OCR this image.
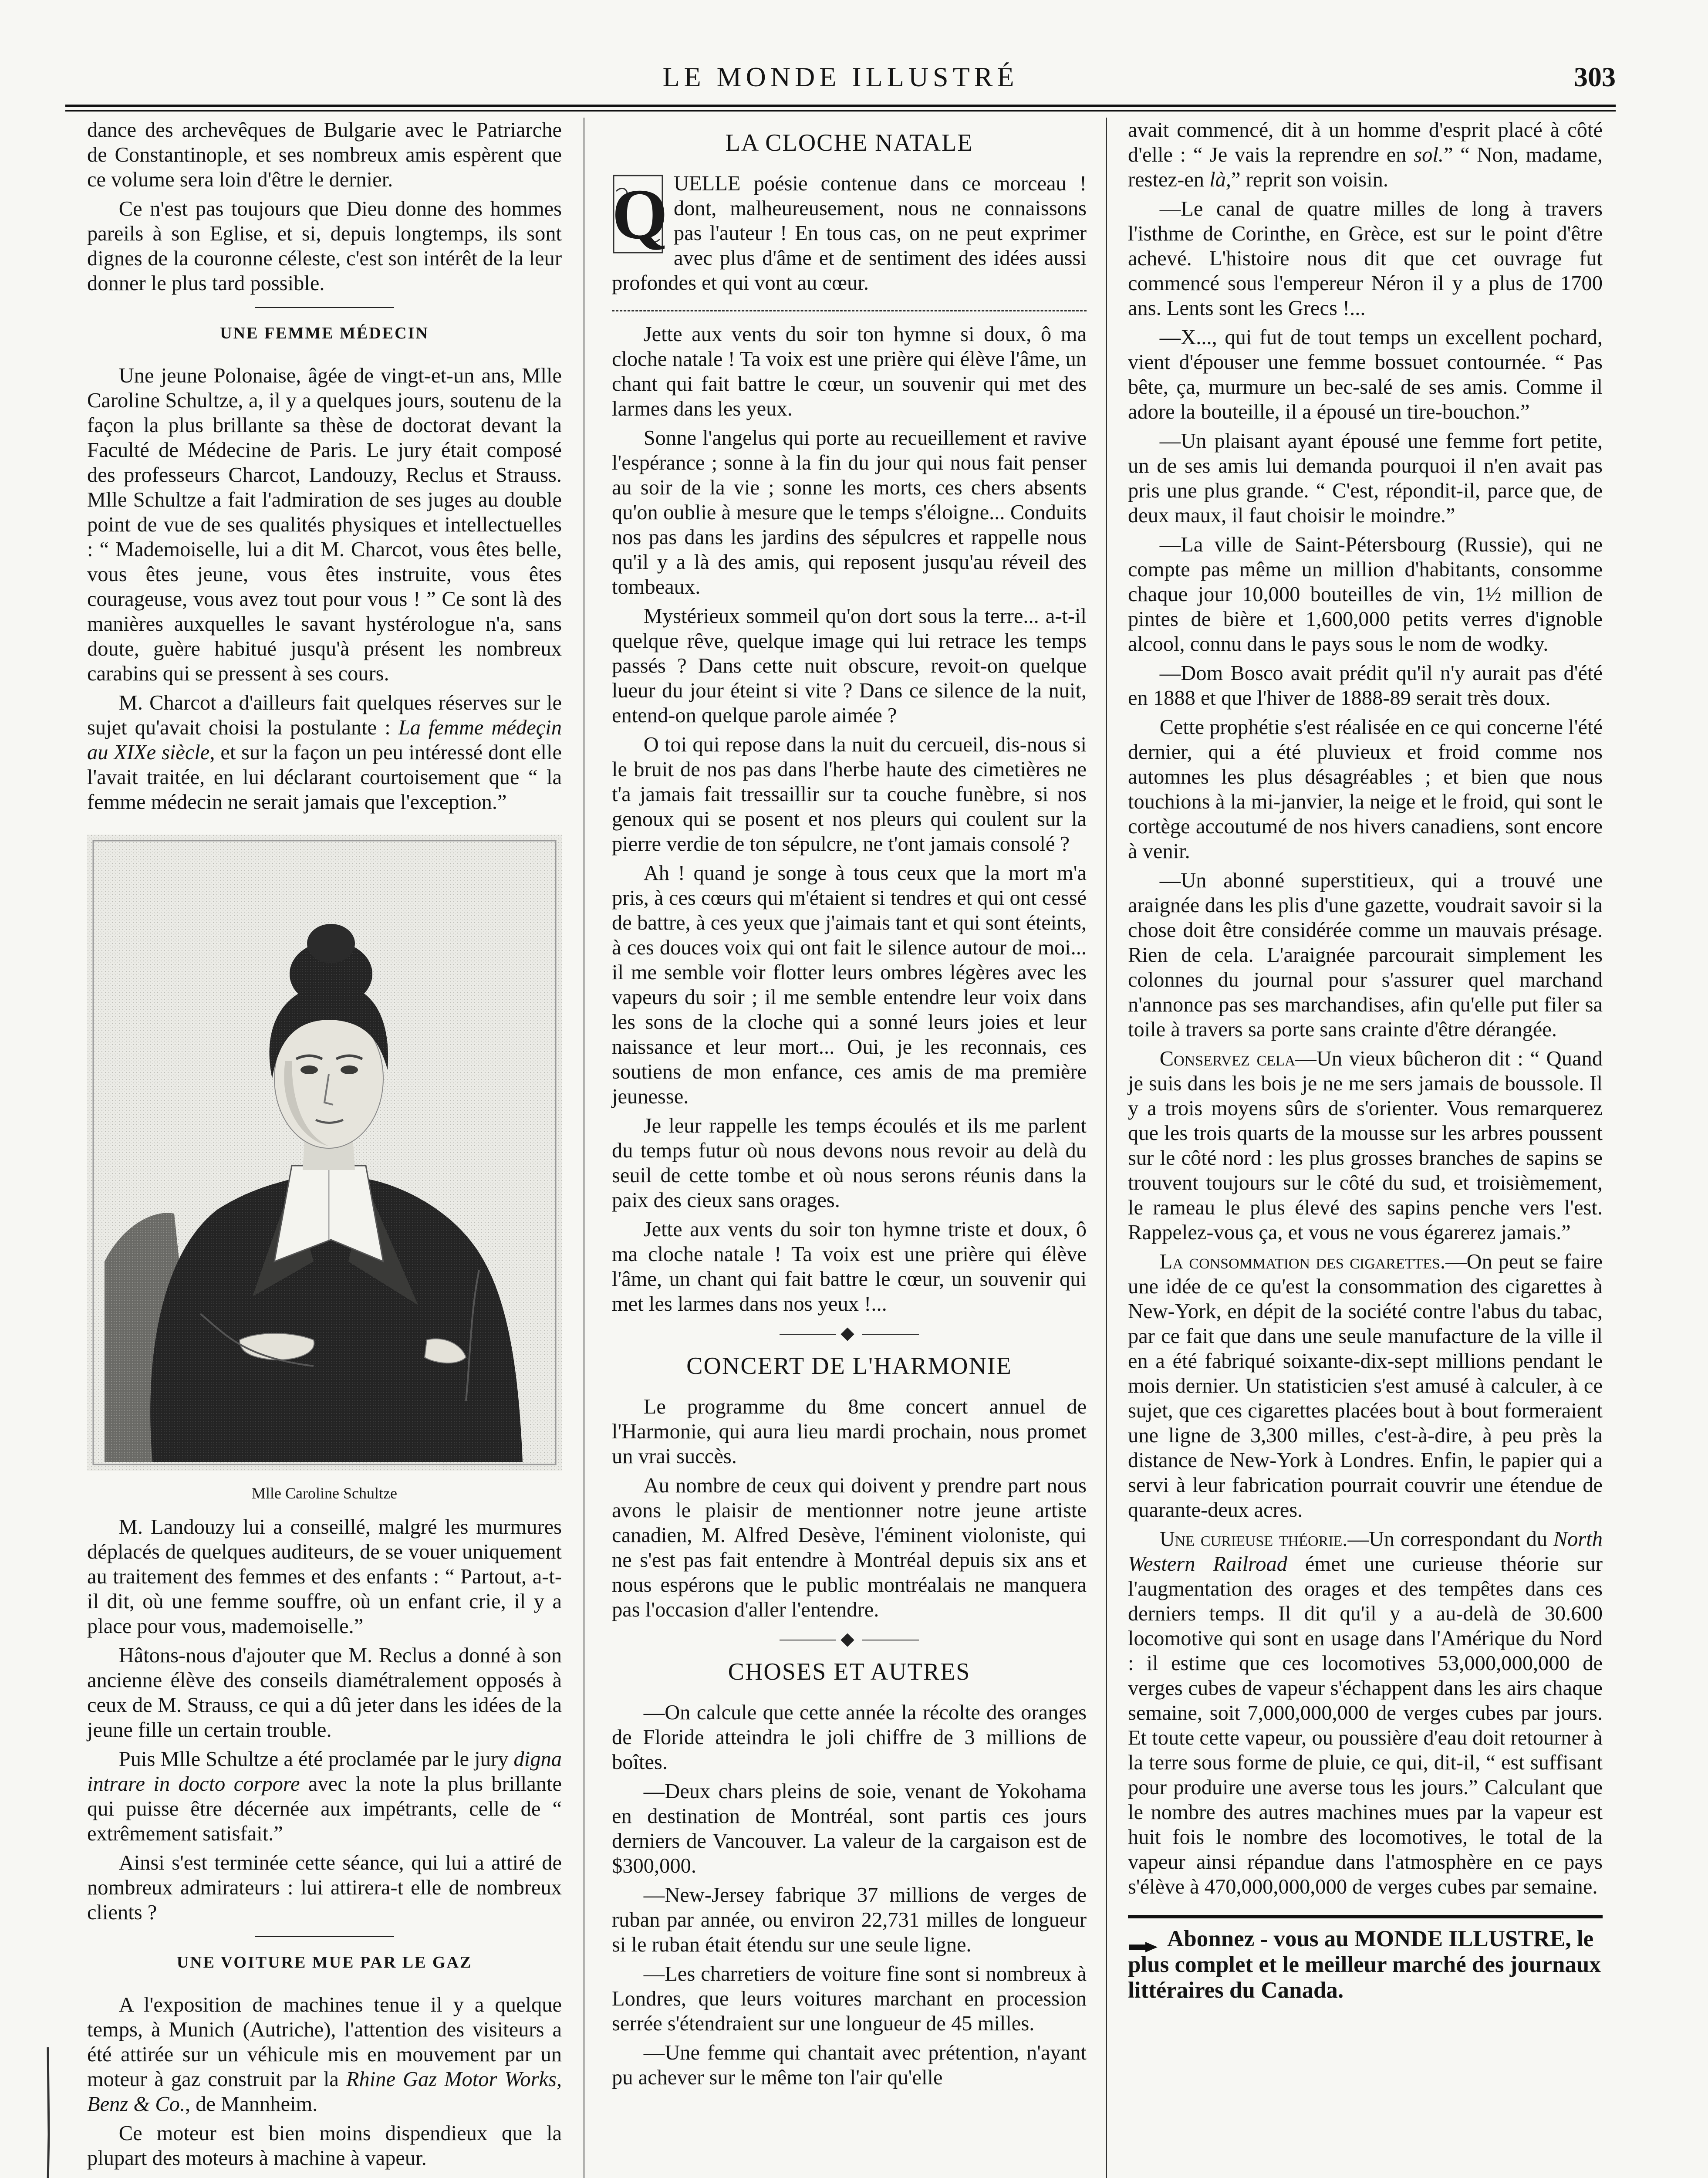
LE MONDE ILLUSTRÉ	303

dance des archevêques de Bulgarie avec le Patriarche de Constantinople, et ses nombreux amis espèrent que ce volume sera loin d'être le dernier.

Ce n'est pas toujours que Dieu donne des hommes pareils à son Eglise, et si, depuis longtemps, ils sont dignes de la couronne céleste, c'est son intérêt de la leur donner le plus tard possible.

UNE FEMME MÉDECIN

Une jeune Polonaise, âgée de vingt-et-un ans, Mlle Caroline Schultze, a, il y a quelques jours, soutenu de la façon la plus brillante sa thèse de doctorat devant la Faculté de Médecine de Paris. Le jury était composé des professeurs Charcot, Landouzy, Reclus et Strauss. Mlle Schultze a fait l'admiration de ses juges au double point de vue de ses qualités physiques et intellectuelles : “ Mademoiselle, lui a dit M. Charcot, vous êtes belle, vous êtes jeune, vous êtes instruite, vous êtes courageuse, vous avez tout pour vous ! ” Ce sont là des manières auxquelles le savant hystérologue n'a, sans doute, guère habitué jusqu'à présent les nombreux carabins qui se pressent à ses cours.

M. Charcot a d'ailleurs fait quelques réserves sur le sujet qu'avait choisi la postulante : La femme médeçin au XIXe siècle, et sur la façon un peu intéressé dont elle l'avait traitée, en lui déclarant courtoisement que “ la femme médecin ne serait jamais que l'exception.”

Mlle Caroline Schultze

M. Landouzy lui a conseillé, malgré les murmures déplacés de quelques auditeurs, de se vouer uniquement au traitement des femmes et des enfants : “ Partout, a-t-il dit, où une femme souffre, où un enfant crie, il y a place pour vous, mademoiselle.”

Hâtons-nous d'ajouter que M. Reclus a donné à son ancienne élève des conseils diamétralement opposés à ceux de M. Strauss, ce qui a dû jeter dans les idées de la jeune fille un certain trouble.

Puis Mlle Schultze a été proclamée par le jury digna intrare in docto corpore avec la note la plus brillante qui puisse être décernée aux impétrants, celle de “ extrêmement satisfait.”

Ainsi s'est terminée cette séance, qui lui a attiré de nombreux admirateurs : lui attirera-t elle de nombreux clients ?

UNE VOITURE MUE PAR LE GAZ

A l'exposition de machines tenue il y a quelque temps, à Munich (Autriche), l'attention des visiteurs a été attirée sur un véhicule mis en mouvement par un moteur à gaz construit par la Rhine Gaz Motor Works, Benz & Co., de Mannheim.

Ce moteur est bien moins dispendieux que la plupart des moteurs à machine à vapeur.

LA CLOCHE NATALE
Q UELLE poésie contenue dans ce morceau ! dont, malheureusement, nous ne connaissons pas l'auteur ! En tous cas, on ne peut exprimer avec plus d'âme et de sentiment des idées aussi profondes et qui vont au cœur.

Jette aux vents du soir ton hymne si doux, ô ma cloche natale ! Ta voix est une prière qui élève l'âme, un chant qui fait battre le cœur, un souvenir qui met des larmes dans les yeux.

Sonne l'angelus qui porte au recueillement et ravive l'espérance ; sonne à la fin du jour qui nous fait penser au soir de la vie ; sonne les morts, ces chers absents qu'on oublie à mesure que le temps s'éloigne... Conduits nos pas dans les jardins des sépulcres et rappelle nous qu'il y a là des amis, qui reposent jusqu'au réveil des tombeaux.

Mystérieux sommeil qu'on dort sous la terre... a-t-il quelque rêve, quelque image qui lui retrace les temps passés ? Dans cette nuit obscure, revoit-on quelque lueur du jour éteint si vite ? Dans ce silence de la nuit, entend-on quelque parole aimée ?

O toi qui repose dans la nuit du cercueil, dis-nous si le bruit de nos pas dans l'herbe haute des cimetières ne t'a jamais fait tressaillir sur ta couche funèbre, si nos genoux qui se posent et nos pleurs qui coulent sur la pierre verdie de ton sépulcre, ne t'ont jamais consolé ?

Ah ! quand je songe à tous ceux que la mort m'a pris, à ces cœurs qui m'étaient si tendres et qui ont cessé de battre, à ces yeux que j'aimais tant et qui sont éteints, à ces douces voix qui ont fait le silence autour de moi... il me semble voir flotter leurs ombres légères avec les vapeurs du soir ; il me semble entendre leur voix dans les sons de la cloche qui a sonné leurs joies et leur naissance et leur mort... Oui, je les reconnais, ces soutiens de mon enfance, ces amis de ma première jeunesse.

Je leur rappelle les temps écoulés et ils me parlent du temps futur où nous devons nous revoir au delà du seuil de cette tombe et où nous serons réunis dans la paix des cieux sans orages.

Jette aux vents du soir ton hymne triste et doux, ô ma cloche natale ! Ta voix est une prière qui élève l'âme, un chant qui fait battre le cœur, un souvenir qui met les larmes dans nos yeux !...

CONCERT DE L'HARMONIE

Le programme du 8me concert annuel de l'Harmonie, qui aura lieu mardi prochain, nous promet un vrai succès.

Au nombre de ceux qui doivent y prendre part nous avons le plaisir de mentionner notre jeune artiste canadien, M. Alfred Desève, l'éminent violoniste, qui ne s'est pas fait entendre à Montréal depuis six ans et nous espérons que le public montréalais ne manquera pas l'occasion d'aller l'entendre.

CHOSES ET AUTRES

—On calcule que cette année la récolte des oranges de Floride atteindra le joli chiffre de 3 millions de boîtes.

—Deux chars pleins de soie, venant de Yokohama en destination de Montréal, sont partis ces jours derniers de Vancouver. La valeur de la cargaison est de $300,000.

—New-Jersey fabrique 37 millions de verges de ruban par année, ou environ 22,731 milles de longueur si le ruban était étendu sur une seule ligne.

—Les charretiers de voiture fine sont si nombreux à Londres, que leurs voitures marchant en procession serrée s'étendraient sur une longueur de 45 milles.

—Une femme qui chantait avec prétention, n'ayant pu achever sur le même ton l'air qu'elle

avait commencé, dit à un homme d'esprit placé à côté d'elle : “ Je vais la reprendre en sol.” “ Non, madame, restez-en là,” reprit son voisin.

—Le canal de quatre milles de long à travers l'isthme de Corinthe, en Grèce, est sur le point d'être achevé. L'histoire nous dit que cet ouvrage fut commencé sous l'empereur Néron il y a plus de 1700 ans. Lents sont les Grecs !...

—X..., qui fut de tout temps un excellent pochard, vient d'épouser une femme bossuet contournée. “ Pas bête, ça, murmure un bec-salé de ses amis. Comme il adore la bouteille, il a épousé un tire-bouchon.”

—Un plaisant ayant épousé une femme fort petite, un de ses amis lui demanda pourquoi il n'en avait pas pris une plus grande. “ C'est, répondit-il, parce que, de deux maux, il faut choisir le moindre.”

—La ville de Saint-Pétersbourg (Russie), qui ne compte pas même un million d'habitants, consomme chaque jour 10,000 bouteilles de vin, 1½ million de pintes de bière et 1,600,000 petits verres d'ignoble alcool, connu dans le pays sous le nom de wodky.

—Dom Bosco avait prédit qu'il n'y aurait pas d'été en 1888 et que l'hiver de 1888-89 serait très doux.

Cette prophétie s'est réalisée en ce qui concerne l'été dernier, qui a été pluvieux et froid comme nos automnes les plus désagréables ; et bien que nous touchions à la mi-janvier, la neige et le froid, qui sont le cortège accoutumé de nos hivers canadiens, sont encore à venir.

—Un abonné superstitieux, qui a trouvé une araignée dans les plis d'une gazette, voudrait savoir si la chose doit être considérée comme un mauvais présage. Rien de cela. L'araignée parcourait simplement les colonnes du journal pour s'assurer quel marchand n'annonce pas ses marchandises, afin qu'elle put filer sa toile à travers sa porte sans crainte d'être dérangée.

Conservez cela—Un vieux bûcheron dit : “ Quand je suis dans les bois je ne me sers jamais de boussole. Il y a trois moyens sûrs de s'orienter. Vous remarquerez que les trois quarts de la mousse sur les arbres poussent sur le côté nord : les plus grosses branches de sapins se trouvent toujours sur le côté du sud, et troisièmement, le rameau le plus élevé des sapins penche vers l'est. Rappelez-vous ça, et vous ne vous égarerez jamais.”

La consommation des cigarettes.—On peut se faire une idée de ce qu'est la consommation des cigarettes à New-York, en dépit de la société contre l'abus du tabac, par ce fait que dans une seule manufacture de la ville il en a été fabriqué soixante-dix-sept millions pendant le mois dernier. Un statisticien s'est amusé à calculer, à ce sujet, que ces cigarettes placées bout à bout formeraient une ligne de 3,300 milles, c'est-à-dire, à peu près la distance de New-York à Londres. Enfin, le papier qui a servi à leur fabrication pourrait couvrir une étendue de quarante-deux acres.

Une curieuse théorie.—Un correspondant du North Western Railroad émet une curieuse théorie sur l'augmentation des orages et des tempêtes dans ces derniers temps. Il dit qu'il y a au-delà de 30.600 locomotive qui sont en usage dans l'Amérique du Nord : il estime que ces locomotives 53,000,000,000 de verges cubes de vapeur s'échappent dans les airs chaque semaine, soit 7,000,000,000 de verges cubes par jours. Et toute cette vapeur, ou poussière d'eau doit retourner à la terre sous forme de pluie, ce qui, dit-il, “ est suffisant pour produire une averse tous les jours.” Calculant que le nombre des autres machines mues par la vapeur est huit fois le nombre des locomotives, le total de la vapeur ainsi répandue dans l'atmosphère en ce pays s'élève à 470,000,000,000 de verges cubes par semaine.

Abonnez - vous au MONDE ILLUSTRE, le plus complet et le meilleur marché des journaux littéraires du Canada.
